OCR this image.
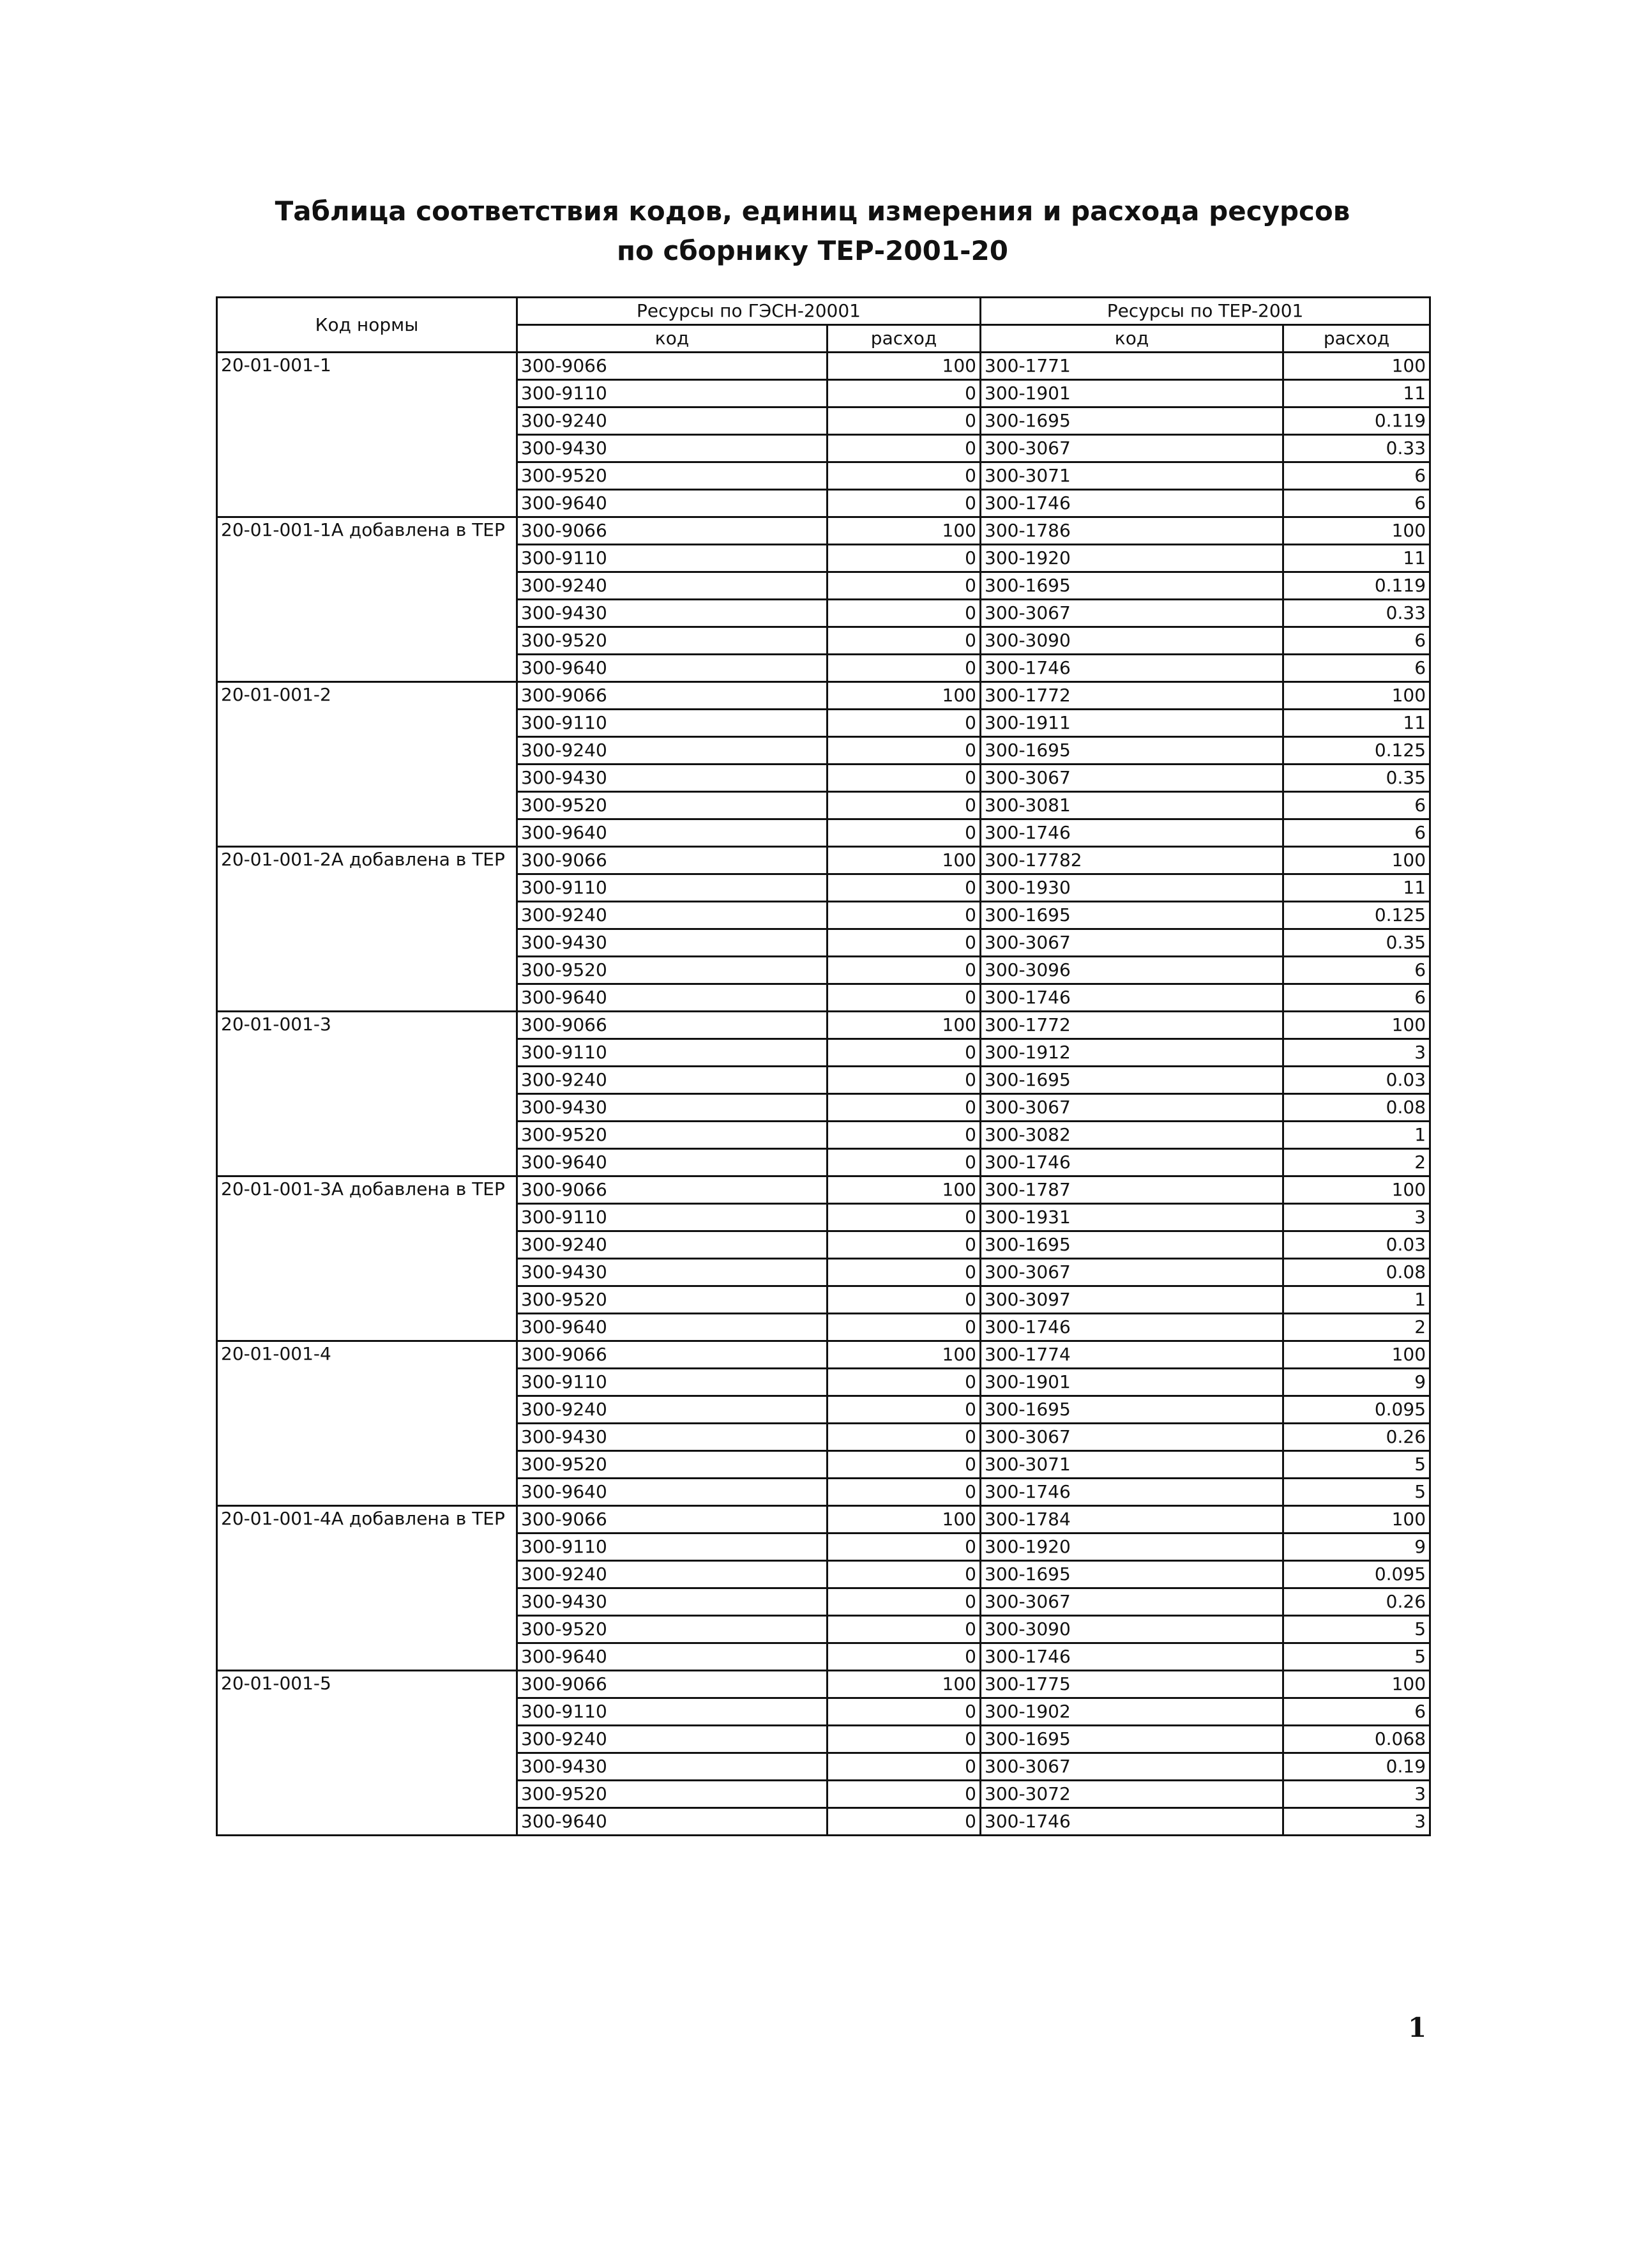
Таблица соответствия кодов, единиц измерения и расхода ресурсов
по сборнику ТЕР-2001-20
Код нормы	Ресурсы по ГЭСН-20001		Ресурсы по ТЕР-2001	
	код	расход	код	расход
20-01-001-1	300-9066	100	300-1771	100
	300-9110	0	300-1901	11
	300-9240	0	300-1695	0.119
	300-9430	0	300-3067	0.33
	300-9520	0	300-3071	6
	300-9640	0	300-1746	6
20-01-001-1А добавлена в ТЕР	300-9066	100	300-1786	100
	300-9110	0	300-1920	11
	300-9240	0	300-1695	0.119
	300-9430	0	300-3067	0.33
	300-9520	0	300-3090	6
	300-9640	0	300-1746	6
20-01-001-2	300-9066	100	300-1772	100
	300-9110	0	300-1911	11
	300-9240	0	300-1695	0.125
	300-9430	0	300-3067	0.35
	300-9520	0	300-3081	6
	300-9640	0	300-1746	6
20-01-001-2А добавлена в ТЕР	300-9066	100	300-17782	100
	300-9110	0	300-1930	11
	300-9240	0	300-1695	0.125
	300-9430	0	300-3067	0.35
	300-9520	0	300-3096	6
	300-9640	0	300-1746	6
20-01-001-3	300-9066	100	300-1772	100
	300-9110	0	300-1912	3
	300-9240	0	300-1695	0.03
	300-9430	0	300-3067	0.08
	300-9520	0	300-3082	1
	300-9640	0	300-1746	2
20-01-001-3А добавлена в ТЕР	300-9066	100	300-1787	100
	300-9110	0	300-1931	3
	300-9240	0	300-1695	0.03
	300-9430	0	300-3067	0.08
	300-9520	0	300-3097	1
	300-9640	0	300-1746	2
20-01-001-4	300-9066	100	300-1774	100
	300-9110	0	300-1901	9
	300-9240	0	300-1695	0.095
	300-9430	0	300-3067	0.26
	300-9520	0	300-3071	5
	300-9640	0	300-1746	5
20-01-001-4А добавлена в ТЕР	300-9066	100	300-1784	100
	300-9110	0	300-1920	9
	300-9240	0	300-1695	0.095
	300-9430	0	300-3067	0.26
	300-9520	0	300-3090	5
	300-9640	0	300-1746	5
20-01-001-5	300-9066	100	300-1775	100
	300-9110	0	300-1902	6
	300-9240	0	300-1695	0.068
	300-9430	0	300-3067	0.19
	300-9520	0	300-3072	3
	300-9640	0	300-1746	3
1
